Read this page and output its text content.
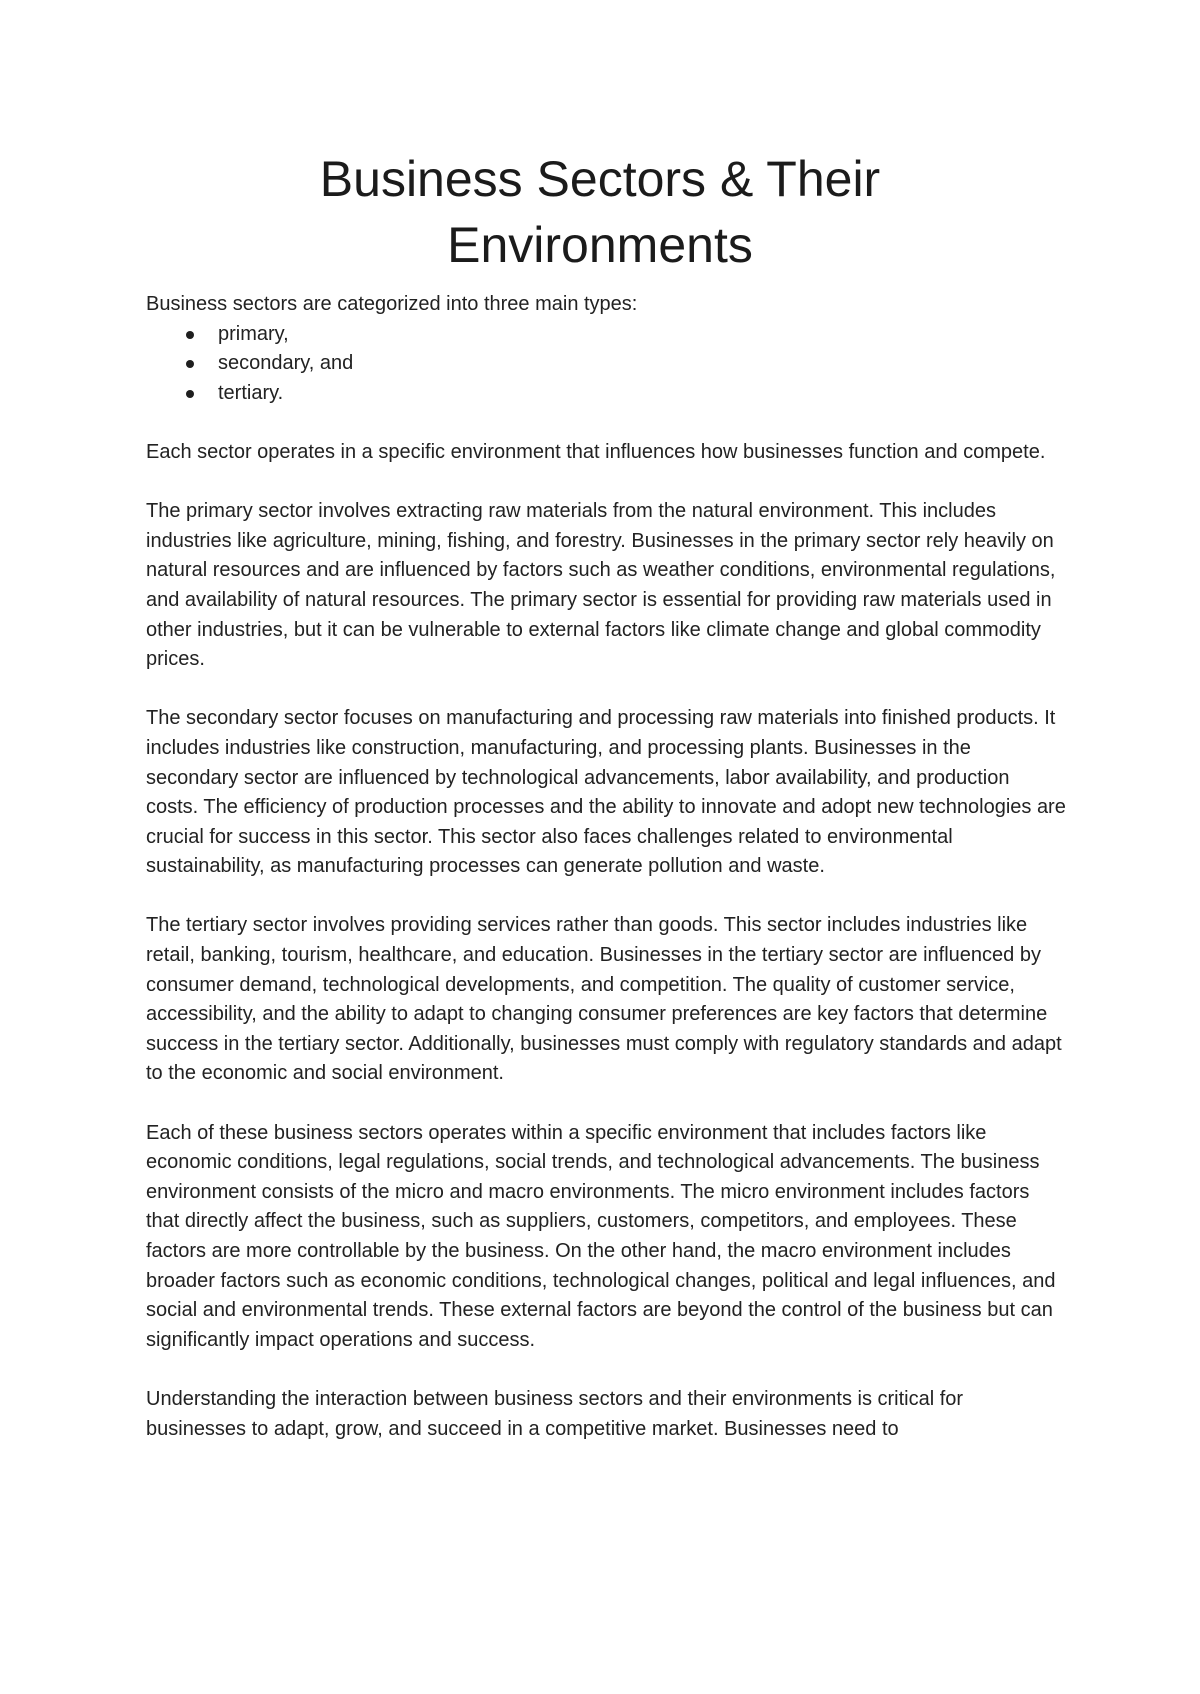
Business Sectors & Their
Environments

Business sectors are categorized into three main types:

primary,
secondary, and
tertiary.

Each sector operates in a specific environment that influences how businesses function and compete.

The primary sector involves extracting raw materials from the natural environment. This includes industries like agriculture, mining, fishing, and forestry. Businesses in the primary sector rely heavily on natural resources and are influenced by factors such as weather conditions, environmental regulations, and availability of natural resources. The primary sector is essential for providing raw materials used in other industries, but it can be vulnerable to external factors like climate change and global commodity prices.

The secondary sector focuses on manufacturing and processing raw materials into finished products. It includes industries like construction, manufacturing, and processing plants. Businesses in the secondary sector are influenced by technological advancements, labor availability, and production costs. The efficiency of production processes and the ability to innovate and adopt new technologies are crucial for success in this sector. This sector also faces challenges related to environmental sustainability, as manufacturing processes can generate pollution and waste.

The tertiary sector involves providing services rather than goods. This sector includes industries like retail, banking, tourism, healthcare, and education. Businesses in the tertiary sector are influenced by consumer demand, technological developments, and competition. The quality of customer service, accessibility, and the ability to adapt to changing consumer preferences are key factors that determine success in the tertiary sector. Additionally, businesses must comply with regulatory standards and adapt to the economic and social environment.

Each of these business sectors operates within a specific environment that includes factors like economic conditions, legal regulations, social trends, and technological advancements. The business environment consists of the micro and macro environments. The micro environment includes factors that directly affect the business, such as suppliers, customers, competitors, and employees. These factors are more controllable by the business. On the other hand, the macro environment includes broader factors such as economic conditions, technological changes, political and legal influences, and social and environmental trends. These external factors are beyond the control of the business but can significantly impact operations and success.

Understanding the interaction between business sectors and their environments is critical for businesses to adapt, grow, and succeed in a competitive market. Businesses need to
